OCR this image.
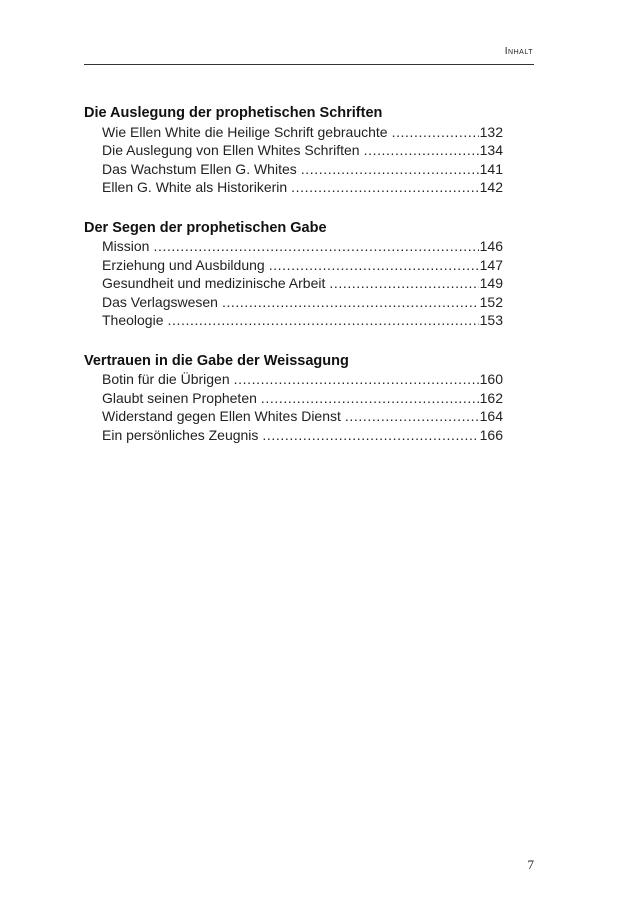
Inhalt
Die Auslegung der prophetischen Schriften
Wie Ellen White die Heilige Schrift gebrauchte .....	132
Die Auslegung von Ellen Whites Schriften .....	134
Das Wachstum Ellen G. Whites .....	141
Ellen G. White als Historikerin .....	142
Der Segen der prophetischen Gabe
Mission .....	146
Erziehung und Ausbildung .....	147
Gesundheit und medizinische Arbeit .....	149
Das Verlagswesen .....	152
Theologie .....	153
Vertrauen in die Gabe der Weissagung
Botin für die Übrigen .....	160
Glaubt seinen Propheten .....	162
Widerstand gegen Ellen Whites Dienst .....	164
Ein persönliches Zeugnis .....	166
7
